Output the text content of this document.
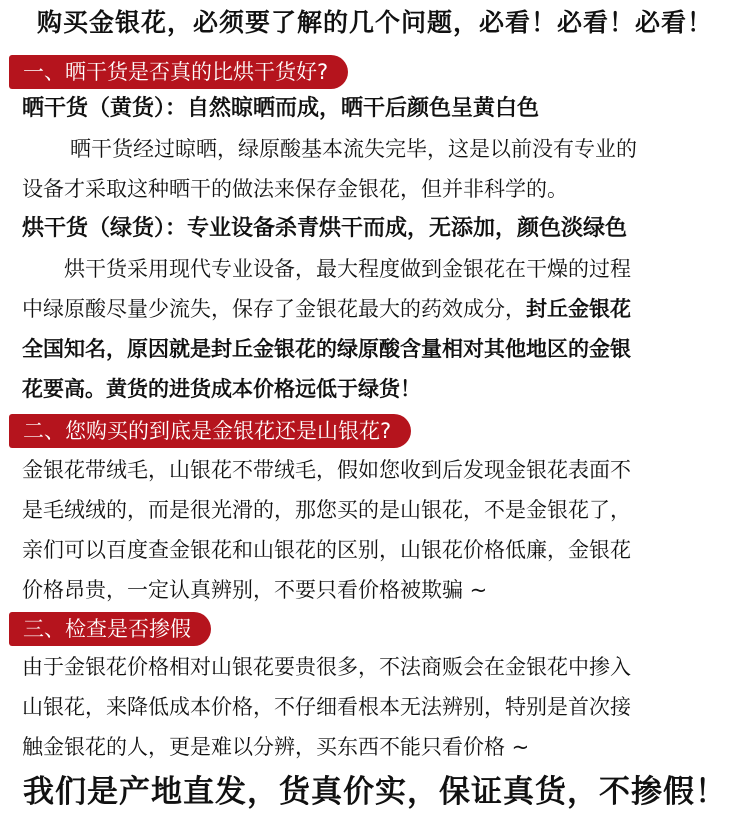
购买金银花，必须要了解的几个问题，必看！必看！必看！
一、晒干货是否真的比烘干货好?
晒干货（黄货）：自然晾晒而成，晒干后颜色呈黄白色
晒干货经过晾晒，绿原酸基本流失完毕，这是以前没有专业的
设备才采取这种晒干的做法来保存金银花，但并非科学的。
烘干货（绿货）：专业设备杀青烘干而成，无添加，颜色淡绿色
烘干货采用现代专业设备，最大程度做到金银花在干燥的过程
中绿原酸尽量少流失，保存了金银花最大的药效成分，封丘金银花
全国知名，原因就是封丘金银花的绿原酸含量相对其他地区的金银
花要高。黄货的进货成本价格远低于绿货！
二、您购买的到底是金银花还是山银花?
金银花带绒毛，山银花不带绒毛，假如您收到后发现金银花表面不
是毛绒绒的，而是很光滑的，那您买的是山银花，不是金银花了，
亲们可以百度查金银花和山银花的区别，山银花价格低廉，金银花
价格昂贵，一定认真辨别，不要只看价格被欺骗 ~
三、检查是否掺假
由于金银花价格相对山银花要贵很多，不法商贩会在金银花中掺入
山银花，来降低成本价格，不仔细看根本无法辨别，特别是首次接
触金银花的人，更是难以分辨，买东西不能只看价格 ~
我们是产地直发，货真价实，保证真货，不掺假！
